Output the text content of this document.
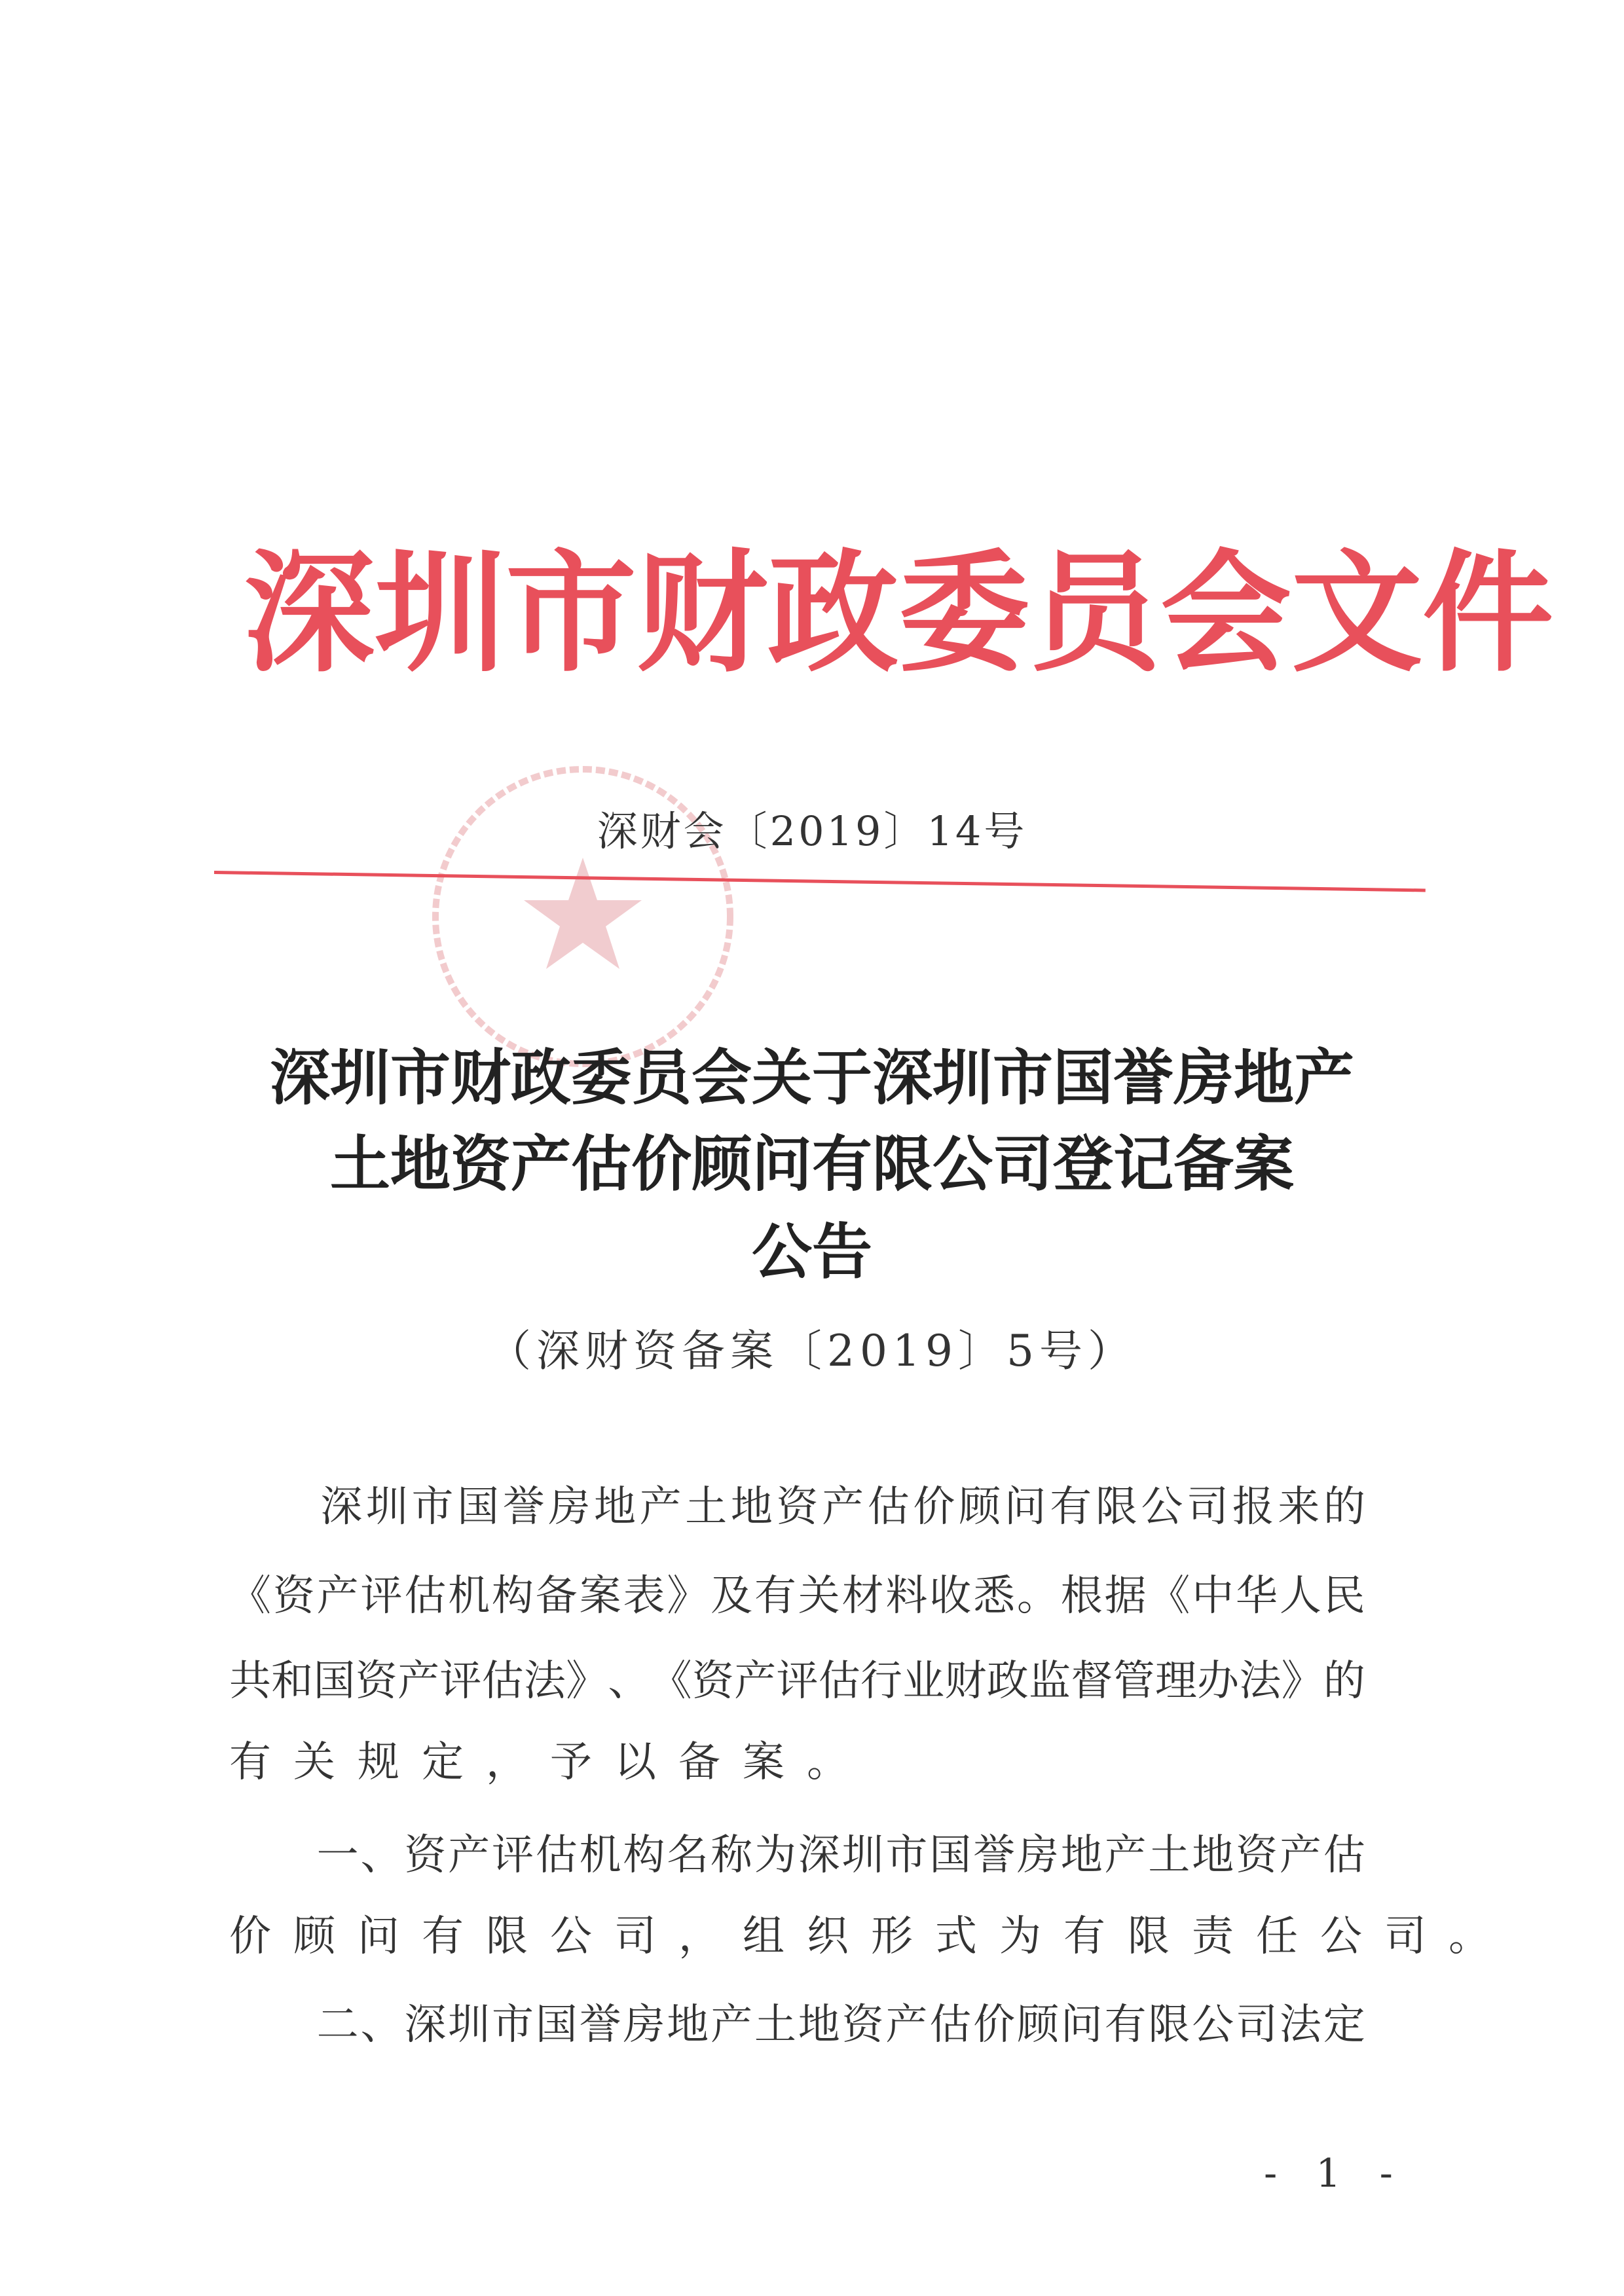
深 圳 市 财 政 委 员 会 文 件
深财会〔2019〕14号
深圳市财政委员会关于深圳市国誉房地产
土地资产估价顾问有限公司登记备案
公告
（深财资备案〔2019〕5号）

深 圳 市 国 誉 房 地 产 土 地 资 产 估 价 顾 问 有 限 公 司 报 来 的
《 资 产 评 估 机 构 备 案 表 》 及 有 关 材 料 收 悉 。 根 据 《 中 华 人 民
共 和 国 资 产 评 估 法 》 、 《 资 产 评 估 行 业 财 政 监 督 管 理 办 法 》 的
有 关 规 定 ， 予 以 备 案 。

一 、 资 产 评 估 机 构 名 称 为 深 圳 市 国 誉 房 地 产 土 地 资 产 估
价 顾 问 有 限 公 司 ， 组 织 形 式 为 有 限 责 任 公 司 。

二 、 深 圳 市 国 誉 房 地 产 土 地 资 产 估 价 顾 问 有 限 公 司 法 定
- 1 -
